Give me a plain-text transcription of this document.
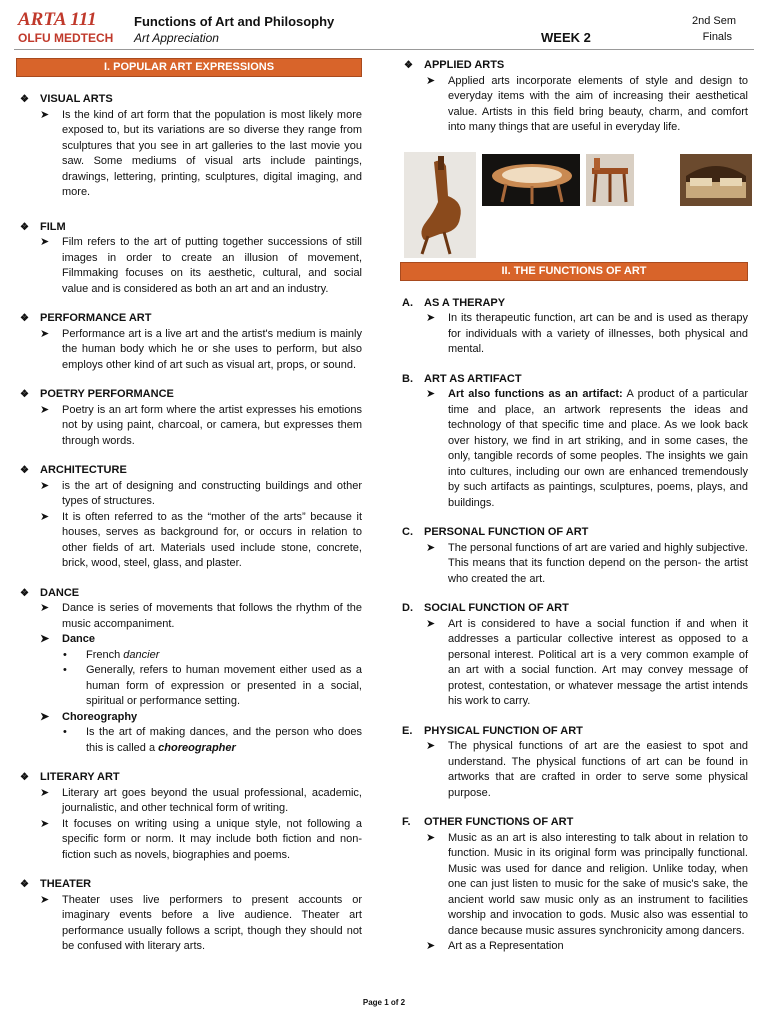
ARTA 111
OLFU MEDTECH
Functions of Art and Philosophy
Art Appreciation	WEEK 2
2nd Sem
Finals
I. POPULAR ART EXPRESSIONS
❖ VISUAL ARTS
➤ Is the kind of art form that the population is most likely more exposed to, but its variations are so diverse they range from sculptures that you see in art galleries to the last movie you saw. Some mediums of visual arts include paintings, drawings, lettering, printing, sculptures, digital imaging, and more.
❖ FILM
➤ Film refers to the art of putting together successions of still images in order to create an illusion of movement, Filmmaking focuses on its aesthetic, cultural, and social value and is considered as both an art and an industry.
❖ PERFORMANCE ART
➤ Performance art is a live art and the artist's medium is mainly the human body which he or she uses to perform, but also employs other kind of art such as visual art, props, or sound.
❖ POETRY PERFORMANCE
➤ Poetry is an art form where the artist expresses his emotions not by using paint, charcoal, or camera, but expresses them through words.
❖ ARCHITECTURE
➤ is the art of designing and constructing buildings and other types of structures.
➤ It is often referred to as the “mother of the arts” because it houses, serves as background for, or occurs in relation to other fields of art. Materials used include stone, concrete, brick, wood, steel, glass, and plaster.
❖ DANCE
➤ Dance is series of movements that follows the rhythm of the music accompaniment.
➤ Dance
• French dancier
• Generally, refers to human movement either used as a human form of expression or presented in a social, spiritual or performance setting.
➤ Choreography
• Is the art of making dances, and the person who does this is called a choreographer
❖ LITERARY ART
➤ Literary art goes beyond the usual professional, academic, journalistic, and other technical form of writing.
➤ It focuses on writing using a unique style, not following a specific form or norm. It may include both fiction and non-fiction such as novels, biographies and poems.
❖ THEATER
➤ Theater uses live performers to present accounts or imaginary events before a live audience. Theater art performance usually follows a script, though they should not be confused with literary arts.
❖ APPLIED ARTS
➤ Applied arts incorporate elements of style and design to everyday items with the aim of increasing their aesthetical value. Artists in this field bring beauty, charm, and comfort into many things that are useful in everyday life.
II. THE FUNCTIONS OF ART
A. AS A THERAPY
➤ In its therapeutic function, art can be and is used as therapy for individuals with a variety of illnesses, both physical and mental.
B. ART AS ARTIFACT
➤ Art also functions as an artifact: A product of a particular time and place, an artwork represents the ideas and technology of that specific time and place. As we look back over history, we find in art striking, and in some cases, the only, tangible records of some peoples. The insights we gain into cultures, including our own are enhanced tremendously by such artifacts as paintings, sculptures, poems, plays, and buildings.
C. PERSONAL FUNCTION OF ART
➤ The personal functions of art are varied and highly subjective. This means that its function depend on the person- the artist who created the art.
D. SOCIAL FUNCTION OF ART
➤ Art is considered to have a social function if and when it addresses a particular collective interest as opposed to a personal interest. Political art is a very common example of an art with a social function. Art may convey message of protest, contestation, or whatever message the artist intends his work to carry.
E. PHYSICAL FUNCTION OF ART
➤ The physical functions of art are the easiest to spot and understand. The physical functions of art can be found in artworks that are crafted in order to serve some physical purpose.
F. OTHER FUNCTIONS OF ART
➤ Music as an art is also interesting to talk about in relation to function. Music in its original form was principally functional. Music was used for dance and religion. Unlike today, when one can just listen to music for the sake of music's sake, the ancient world saw music only as an instrument to facilities worship and invocation to gods. Music also was essential to dance because music assures synchronicity among dancers.
➤ Art as a Representation
Page 1 of 2
